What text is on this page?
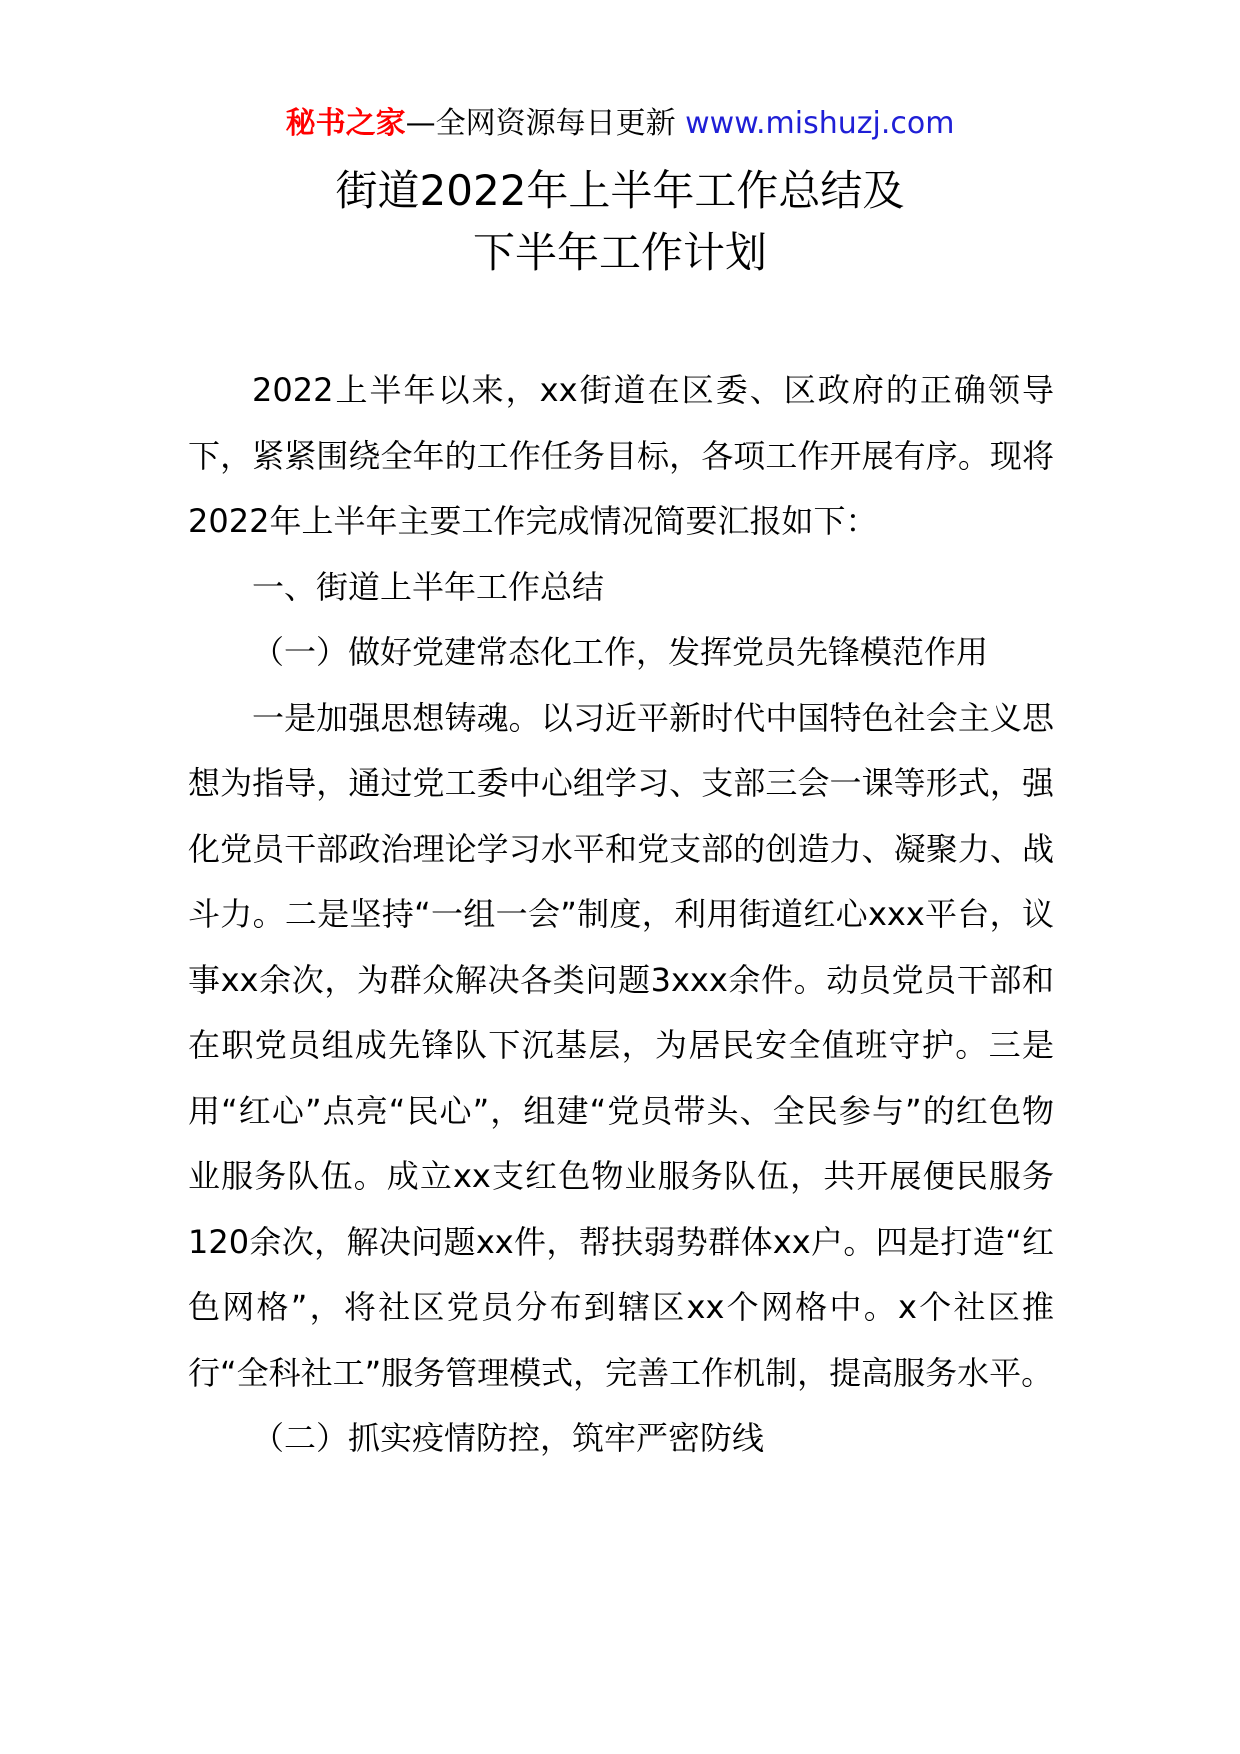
秘书之家—全网资源每日更新 www.mishuzj.com
街道2022年上半年工作总结及
下半年工作计划

2022上半年以来，xx街道在区委、区政府的正确领导下，紧紧围绕全年的工作任务目标，各项工作开展有序。现将2022年上半年主要工作完成情况简要汇报如下：

一、街道上半年工作总结

（一）做好党建常态化工作，发挥党员先锋模范作用

一是加强思想铸魂。以习近平新时代中国特色社会主义思想为指导，通过党工委中心组学习、支部三会一课等形式，强化党员干部政治理论学习水平和党支部的创造力、凝聚力、战斗力。二是坚持“一组一会”制度，利用街道红心xxx平台，议事xx余次，为群众解决各类问题3xxx余件。动员党员干部和在职党员组成先锋队下沉基层，为居民安全值班守护。三是用“红心”点亮“民心”，组建“党员带头、全民参与”的红色物业服务队伍。成立xx支红色物业服务队伍，共开展便民服务120余次，解决问题xx件，帮扶弱势群体xx户。四是打造“红色网格”，将社区党员分布到辖区xx个网格中。x个社区推行“全科社工”服务管理模式，完善工作机制，提高服务水平。

（二）抓实疫情防控，筑牢严密防线
